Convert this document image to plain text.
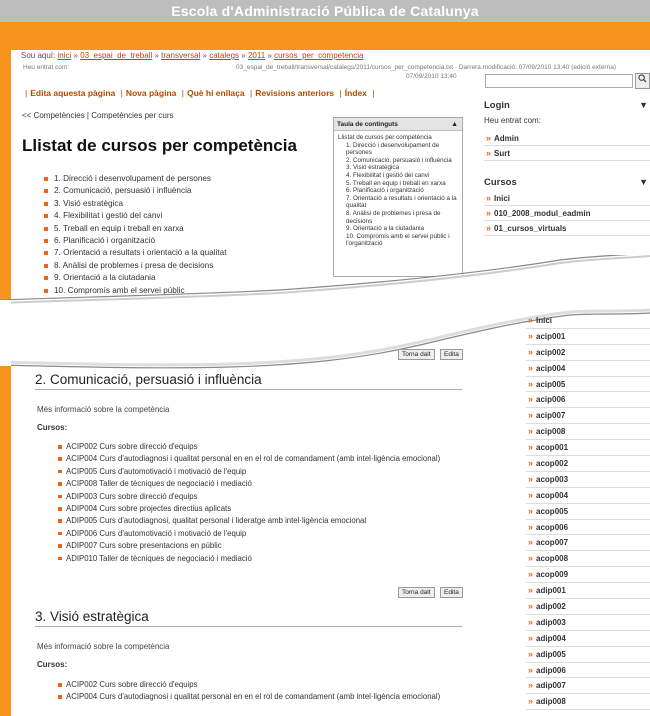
Escola d'Administració Pública de Catalunya
Sou aquí: inici » 03_espai_de_treball » transversal » catalegs » 2011 » cursos_per_competencia
Heu entrat com:	03_espai_de_treball/transversal/catalegs/2011/cursos_per_competencia.txt · Darrera modificació: 07/09/2010 13:40 (edició externa)
07/09/2010 13:40
| Edita aquesta pàgina | Nova pàgina | Què hi enllaça | Revisions anteriors | Índex |
<< Competències | Competències per curs
Llistat de cursos per competència
Taula de continguts	▲
Llistat de cursos per competència
1. Direcció i desenvolupament de persones
2. Comunicació, persuasió i influència
3. Visió estratègica
4. Flexibilitat i gestió del canvi
5. Treball en equip i treball en xarxa
6. Planificació i organització
7. Orientació a resultats i orientació a la qualitat
8. Anàlisi de problemes i presa de decisions
9. Orientació a la ciutadania
10. Compromís amb el servei públic i l'organització
1. Direcció i desenvolupament de persones
2. Comunicació, persuasió i influència
3. Visió estratègica
4. Flexibilitat i gestió del canvi
5. Treball en equip i treball en xarxa
6. Planificació i organització
7. Orientació a resultats i orientació a la qualitat
8. Anàlisi de problemes i presa de decisions
9. Orientació a la ciutadania
10. Compromís amb el servei públic
Login	▼
Heu entrat com:
» Admin
» Surt
Cursos	▼
» Inici
» 010_2008_modul_eadmin
» 01_cursos_virtuals
» Inici
» acip001
» acip002
» acip004
» acip005
» acip006
» acip007
» acip008
» acop001
» acop002
» acop003
» acop004
» acop005
» acop006
» acop007
» acop008
» acop009
» adip001
» adip002
» adip003
» adip004
» adip005
» adip006
» adip007
» adip008
Torna dalt	Edita
2. Comunicació, persuasió i influència
Més informació sobre la competència
Cursos:
ACIP002 Curs sobre direcció d'equips
ACIP004 Curs d'autodiagnosi i qualitat personal en en el rol de comandament (amb intel·ligència emocional)
ACIP005 Curs d'automotivació i motivació de l'equip
ACIP008 Taller de tècniques de negociació i mediació
ADIP003 Curs sobre direcció d'equips
ADIP004 Curs sobre projectes directius aplicats
ADIP005 Curs d'autodiagnosi, qualitat personal i lideratge amb intel·ligència emocional
ADIP006 Curs d'automotivació i motivació de l'equip
ADIP007 Curs sobre presentacions en públic
ADIP010 Taller de tècniques de negociació i mediació
Torna dalt	Edita
3. Visió estratègica
Més informació sobre la competència
Cursos:
ACIP002 Curs sobre direcció d'equips
ACIP004 Curs d'autodiagnosi i qualitat personal en en el rol de comandament (amb intel·ligència emocional)
